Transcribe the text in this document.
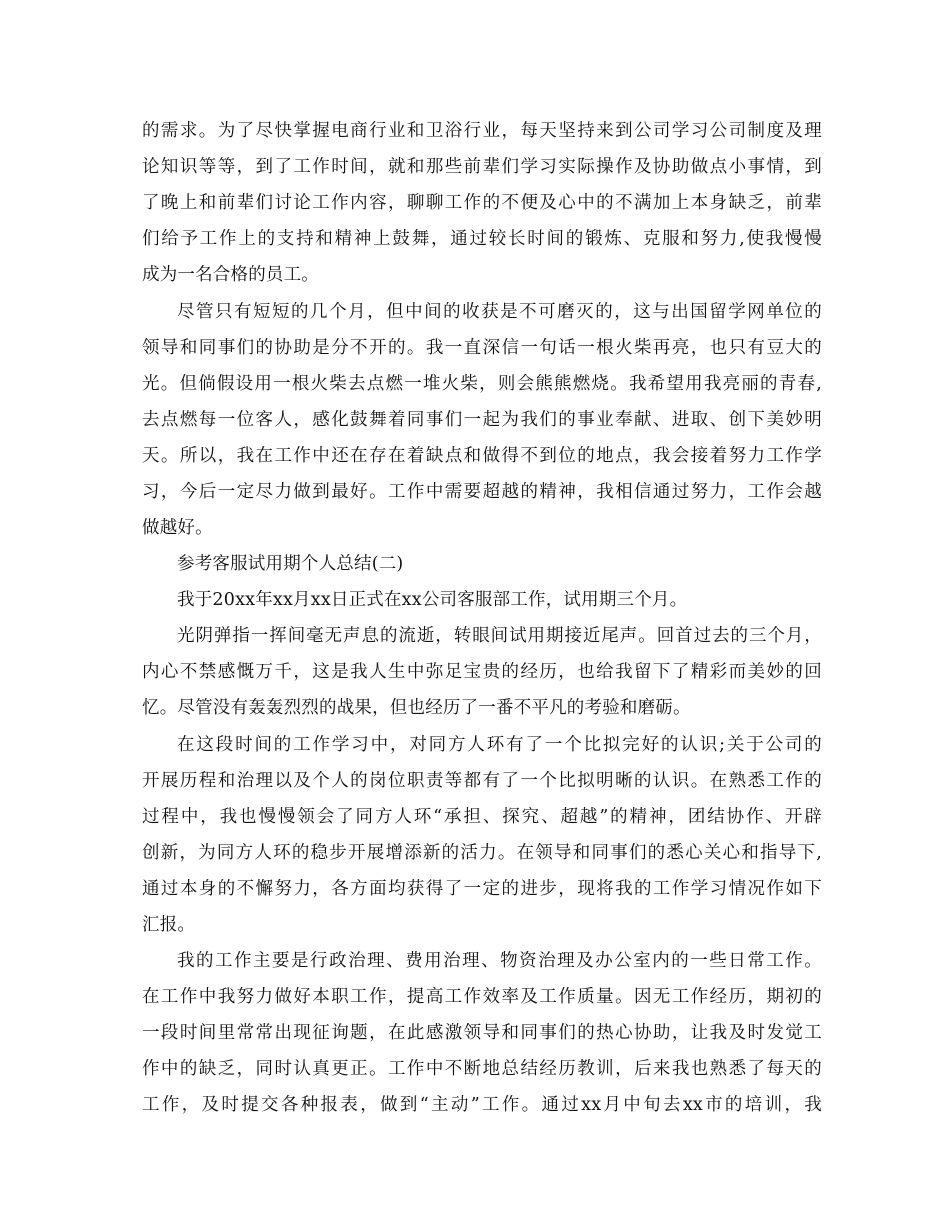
的需求。为了尽快掌握电商行业和卫浴行业，每天坚持来到公司学习公司制度及理
论知识等等，到了工作时间，就和那些前辈们学习实际操作及协助做点小事情，到
了晚上和前辈们讨论工作内容，聊聊工作的不便及心中的不满加上本身缺乏，前辈
们给予工作上的支持和精神上鼓舞，通过较长时间的锻炼、克服和努力,使我慢慢
成为一名合格的员工。
尽管只有短短的几个月，但中间的收获是不可磨灭的，这与出国留学网单位的
领导和同事们的协助是分不开的。我一直深信一句话一根火柴再亮，也只有豆大的
光。但倘假设用一根火柴去点燃一堆火柴，则会熊熊燃烧。我希望用我亮丽的青春,
去点燃每一位客人，感化鼓舞着同事们一起为我们的事业奉献、进取、创下美妙明
天。所以，我在工作中还在存在着缺点和做得不到位的地点，我会接着努力工作学
习，今后一定尽力做到最好。工作中需要超越的精神，我相信通过努力，工作会越
做越好。
参考客服试用期个人总结(二)
我于20xx年xx月xx日正式在xx公司客服部工作，试用期三个月。
光阴弹指一挥间毫无声息的流逝，转眼间试用期接近尾声。回首过去的三个月，
内心不禁感慨万千，这是我人生中弥足宝贵的经历，也给我留下了精彩而美妙的回
忆。尽管没有轰轰烈烈的战果，但也经历了一番不平凡的考验和磨砺。
在这段时间的工作学习中，对同方人环有了一个比拟完好的认识;关于公司的
开展历程和治理以及个人的岗位职责等都有了一个比拟明晰的认识。在熟悉工作的
过程中，我也慢慢领会了同方人环“承担、探究、超越”的精神，团结协作、开辟
创新，为同方人环的稳步开展增添新的活力。在领导和同事们的悉心关心和指导下,
通过本身的不懈努力，各方面均获得了一定的进步，现将我的工作学习情况作如下
汇报。
我的工作主要是行政治理、费用治理、物资治理及办公室内的一些日常工作。
在工作中我努力做好本职工作，提高工作效率及工作质量。因无工作经历，期初的
一段时间里常常出现征询题，在此感激领导和同事们的热心协助，让我及时发觉工
作中的缺乏，同时认真更正。工作中不断地总结经历教训，后来我也熟悉了每天的
工作，及时提交各种报表，做到“主动”工作。通过xx月中旬去xx市的培训，我
